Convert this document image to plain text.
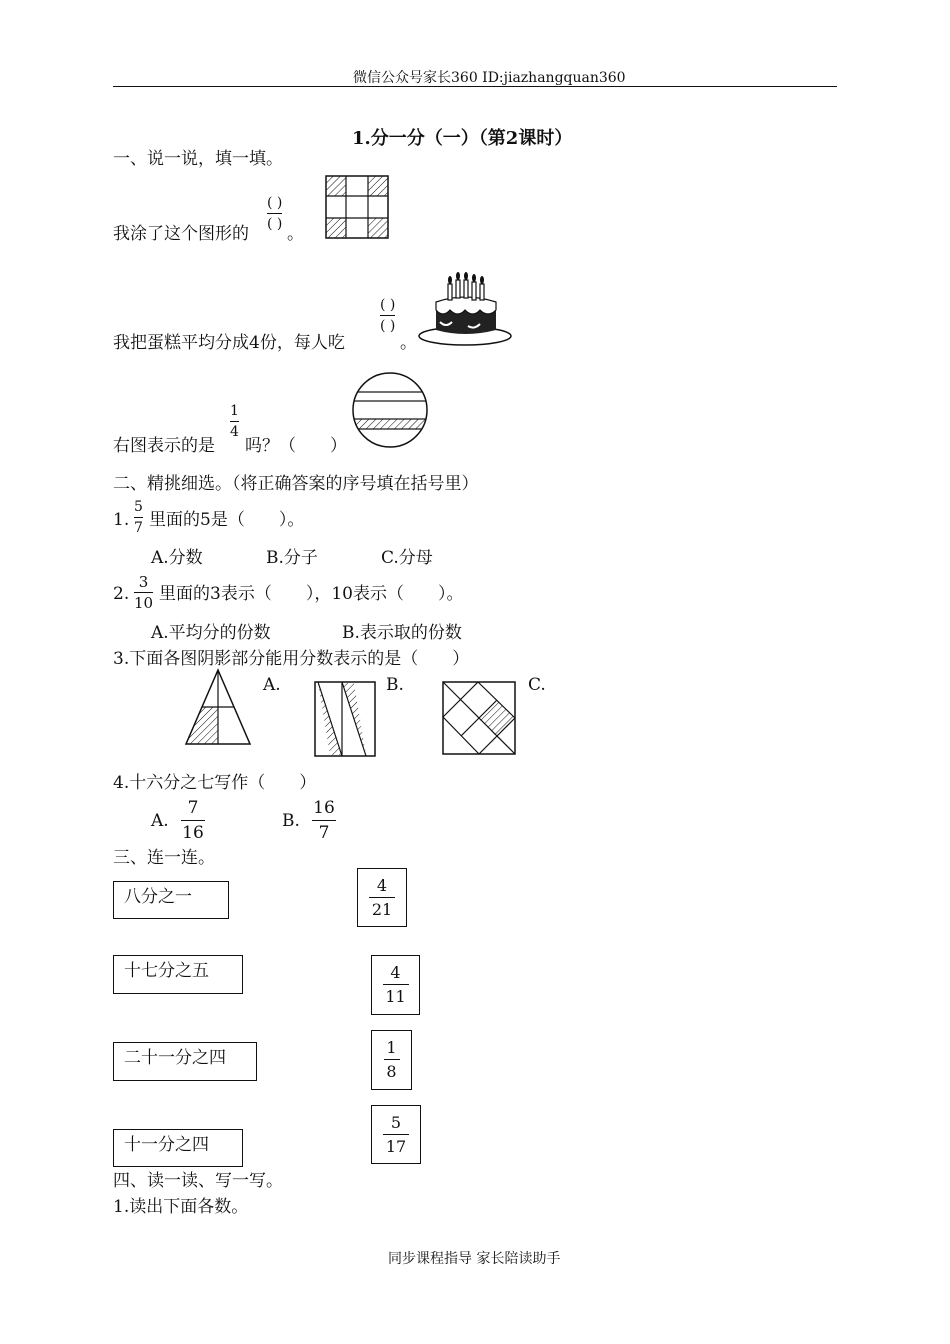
微信公众号家长360 ID:jiazhangquan360
1.分一分（一）（第2课时）
一、说一说，填一填。
我涂了这个图形的
( )
( ) 。
我把蛋糕平均分成4份，每人吃
( )
( )
。
右图表示的是
1
4
吗？（　　）
二、精挑细选。（将正确答案的序号填在括号里）
1.
5
7 里面的5是（　　）。
A.分数	B.分子	C.分母
2.
3
10 里面的3表示（　　），10表示（　　）。
A.平均分的份数	B.表示取的份数
3.下面各图阴影部分能用分数表示的是（　　）
A.	B.	C.
4.十六分之七写作（　　）
A.
7
16
B.
16
7
三、连一连。
八分之一
十七分之五
二十一分之四
十一分之四
4
21
4
11
1
8
5
17
四、读一读、写一写。
1.读出下面各数。
同步课程指导 家长陪读助手
